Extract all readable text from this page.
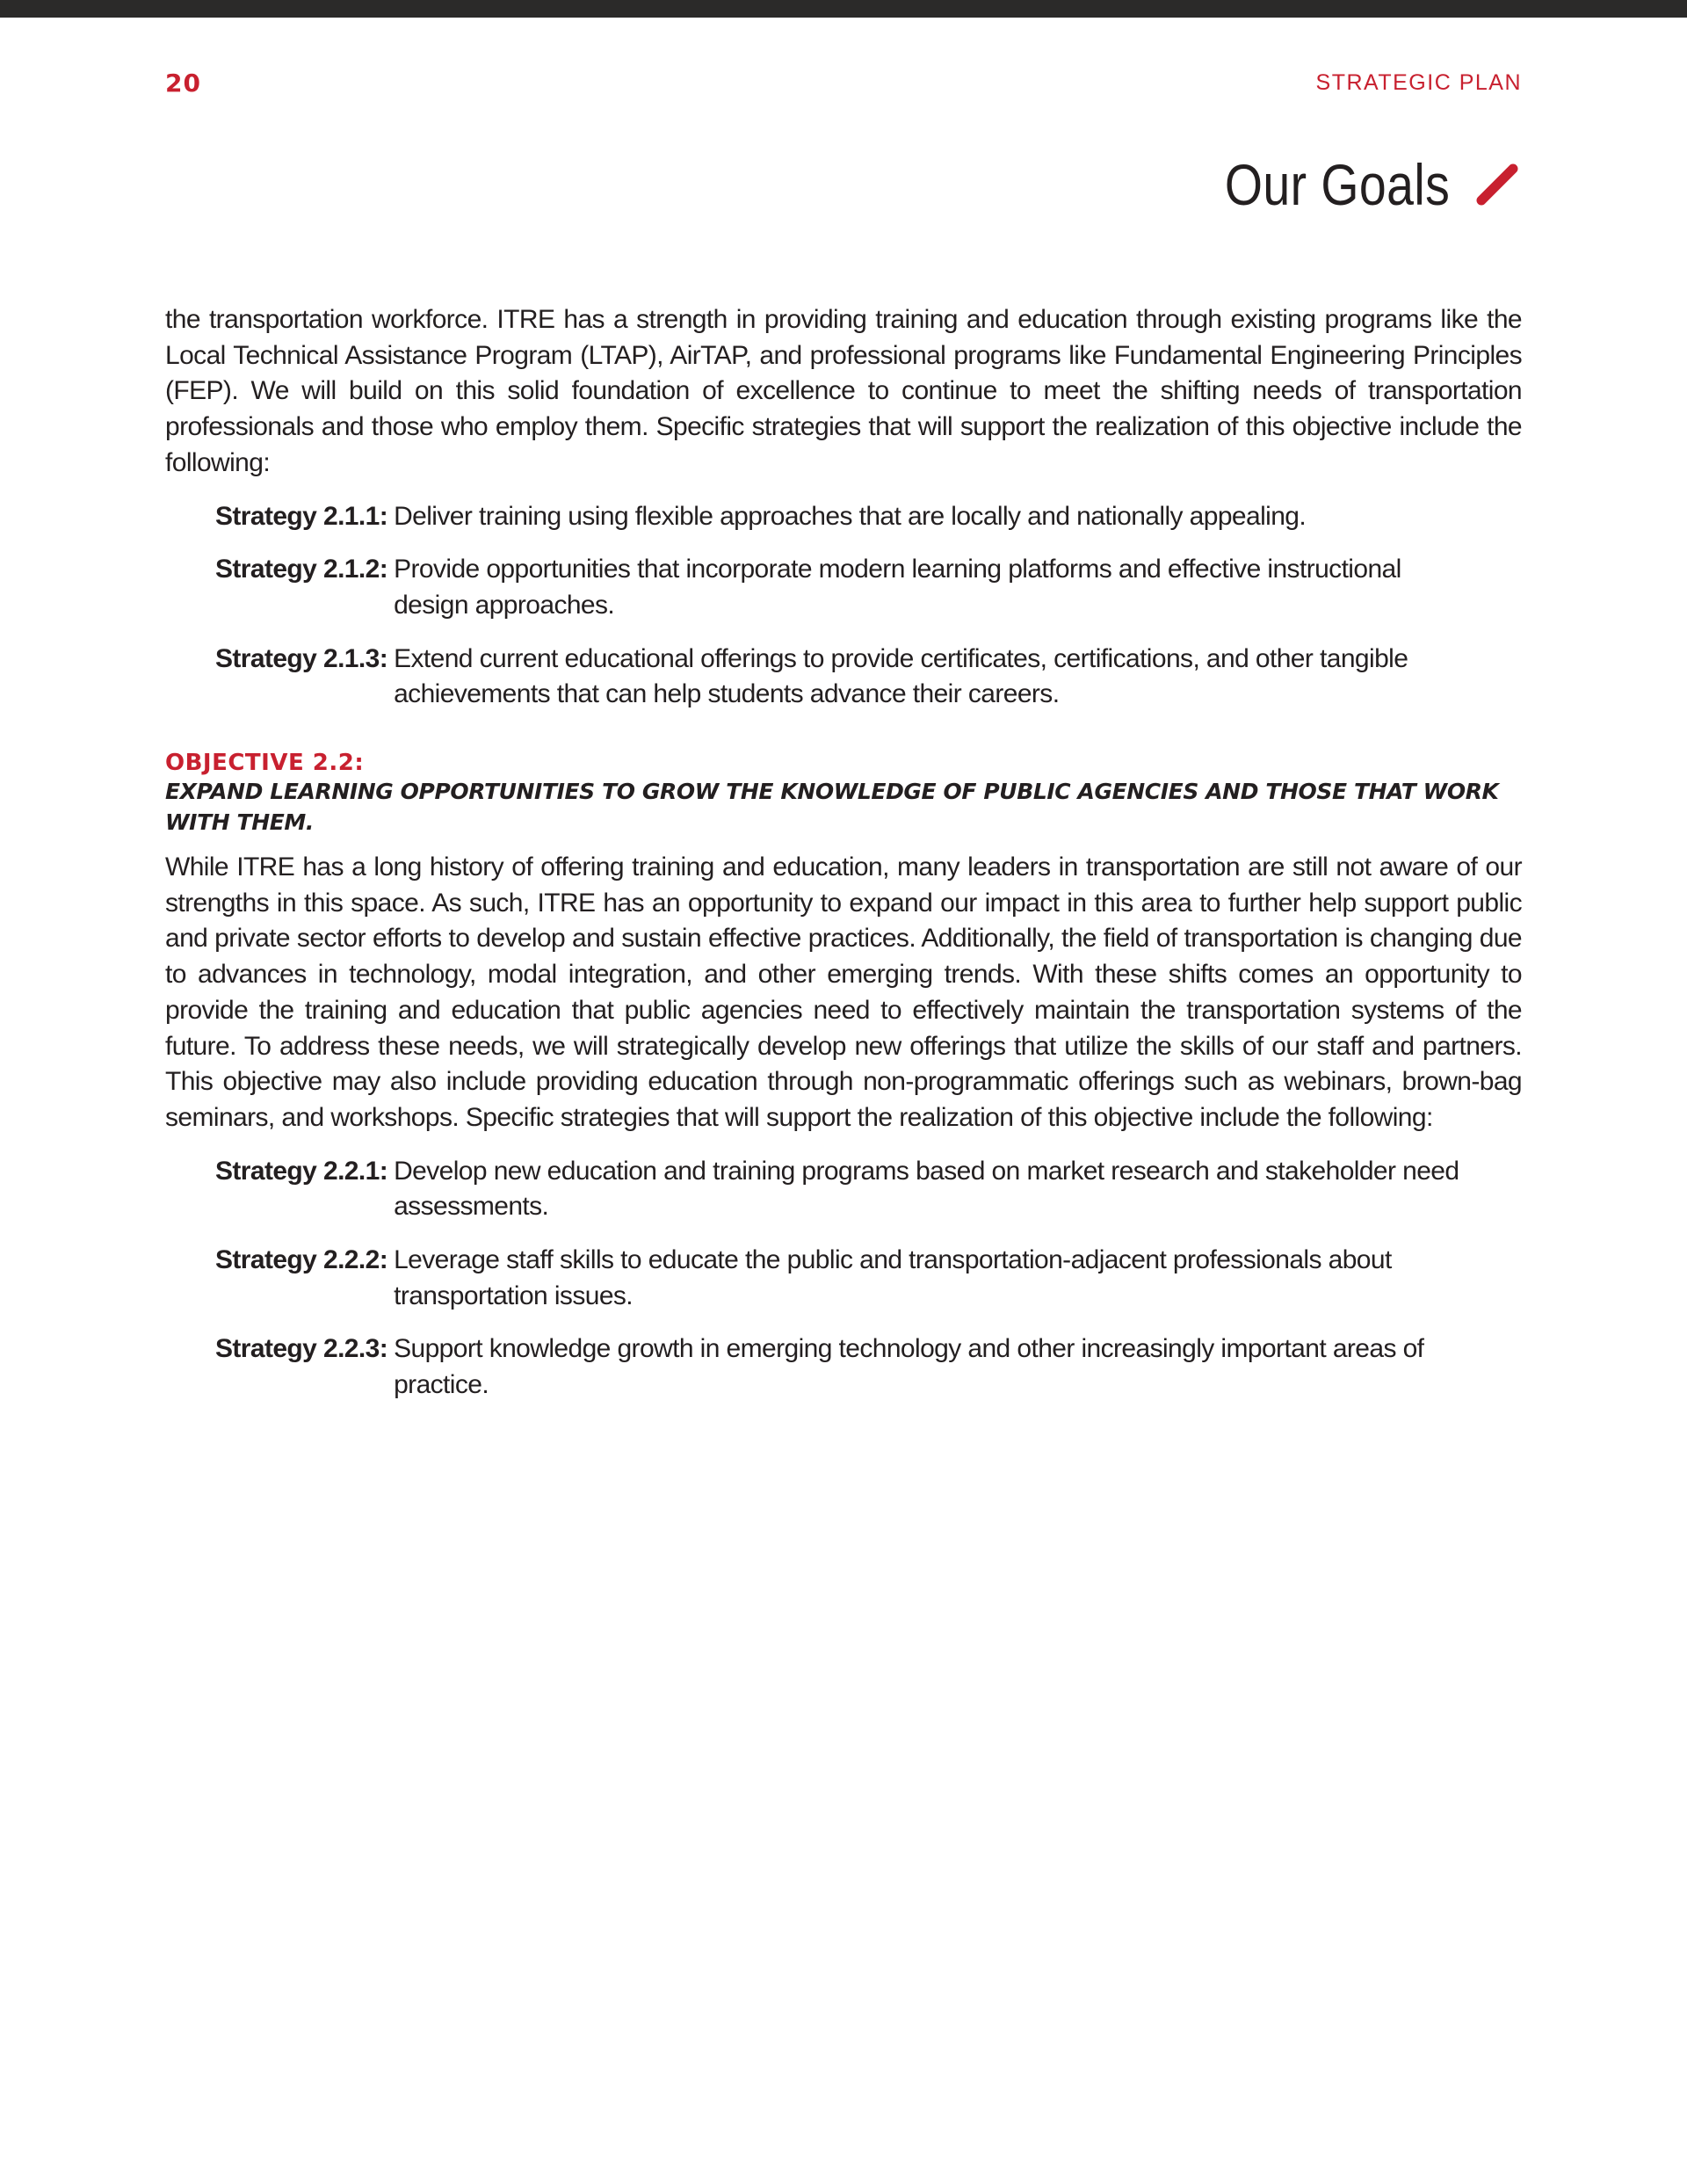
20	STRATEGIC PLAN
Our Goals

the transportation workforce. ITRE has a strength in providing training and education through existing programs like the Local Technical Assistance Program (LTAP), AirTAP, and professional programs like Fundamental Engineering Principles (FEP). We will build on this solid foundation of excellence to continue to meet the shifting needs of transportation professionals and those who employ them. Specific strategies that will support the realization of this objective include the following:

Strategy 2.1.1: Deliver training using flexible approaches that are locally and nationally appealing.
Strategy 2.1.2: Provide opportunities that incorporate modern learning platforms and effective instructional design approaches.
Strategy 2.1.3: Extend current educational offerings to provide certificates, certifications, and other tangible achievements that can help students advance their careers.
OBJECTIVE 2.2:
EXPAND LEARNING OPPORTUNITIES TO GROW THE KNOWLEDGE OF PUBLIC AGENCIES AND THOSE THAT WORK WITH THEM.

While ITRE has a long history of offering training and education, many leaders in transportation are still not aware of our strengths in this space. As such, ITRE has an opportunity to expand our impact in this area to further help support public and private sector efforts to develop and sustain effective practices. Additionally, the field of transportation is changing due to advances in technology, modal integration, and other emerging trends. With these shifts comes an opportunity to provide the training and education that public agencies need to effectively maintain the transportation systems of the future. To address these needs, we will strategically develop new offerings that utilize the skills of our staff and partners. This objective may also include providing education through non-programmatic offerings such as webinars, brown-bag seminars, and workshops. Specific strategies that will support the realization of this objective include the following:

Strategy 2.2.1: Develop new education and training programs based on market research and stakeholder need assessments.
Strategy 2.2.2: Leverage staff skills to educate the public and transportation-adjacent professionals about transportation issues.
Strategy 2.2.3: Support knowledge growth in emerging technology and other increasingly important areas of practice.
